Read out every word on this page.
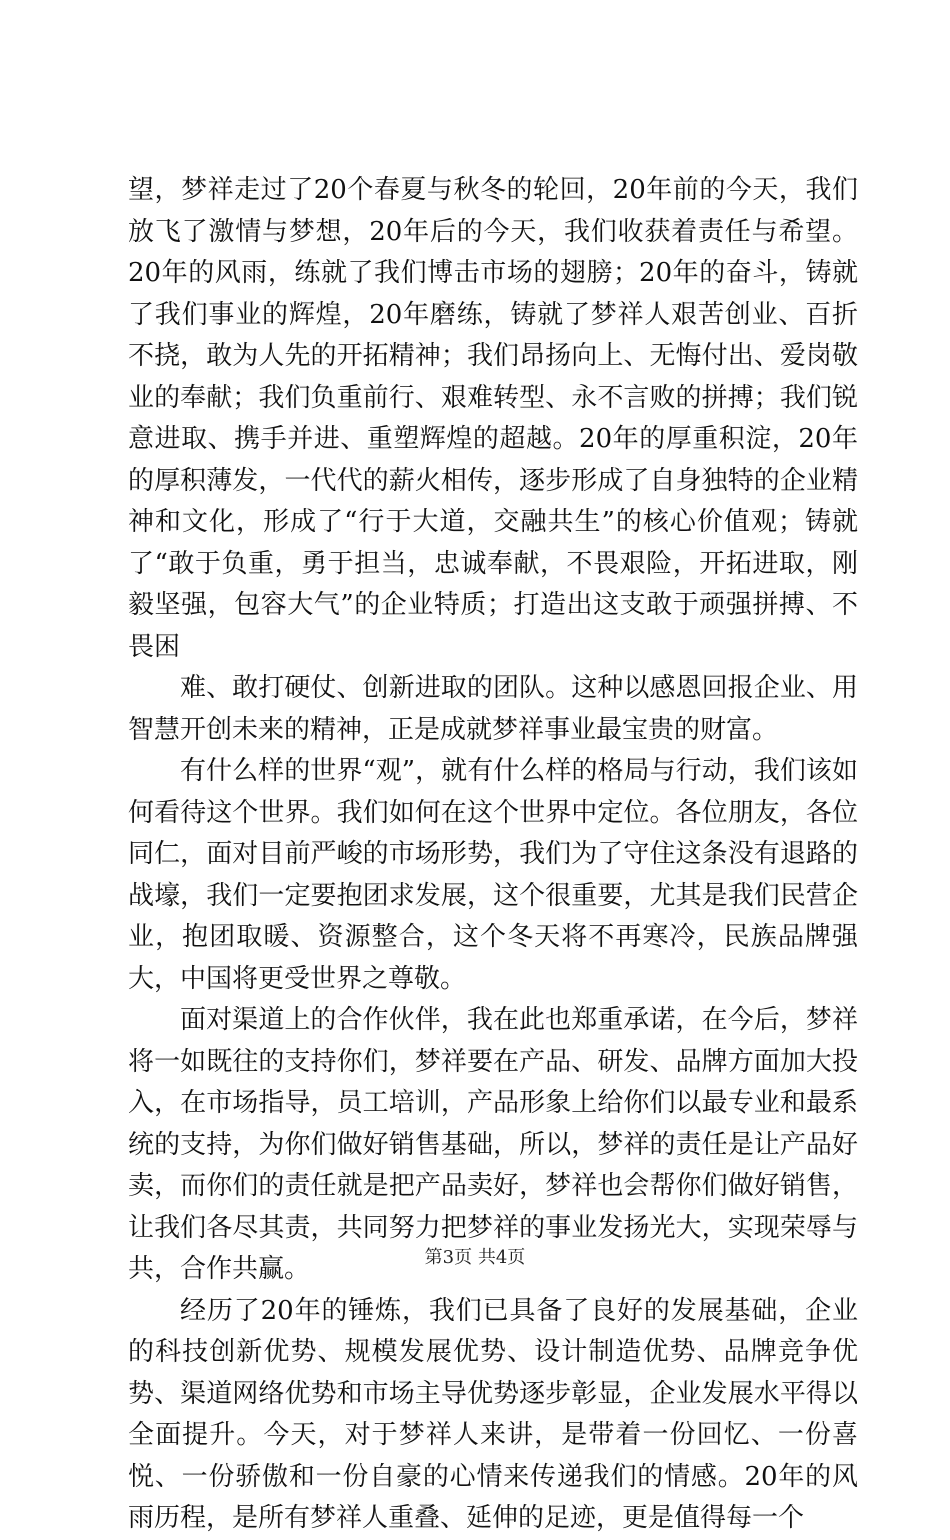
望，梦祥走过了20个春夏与秋冬的轮回，20年前的今天，我们放飞了激情与梦想，20年后的今天，我们收获着责任与希望。20年的风雨，练就了我们博击市场的翅膀；20年的奋斗，铸就了我们事业的辉煌，20年磨练，铸就了梦祥人艰苦创业、百折不挠，敢为人先的开拓精神；我们昂扬向上、无悔付出、爱岗敬业的奉献；我们负重前行、艰难转型、永不言败的拼搏；我们锐意进取、携手并进、重塑辉煌的超越。20年的厚重积淀，20年的厚积薄发，一代代的薪火相传，逐步形成了自身独特的企业精神和文化，形成了“行于大道，交融共生”的核心价值观；铸就了“敢于负重，勇于担当，忠诚奉献，不畏艰险，开拓进取，刚毅坚强，包容大气”的企业特质；打造出这支敢于顽强拼搏、不畏困

难、敢打硬仗、创新进取的团队。这种以感恩回报企业、用智慧开创未来的精神，正是成就梦祥事业最宝贵的财富。

有什么样的世界“观”，就有什么样的格局与行动，我们该如何看待这个世界。我们如何在这个世界中定位。各位朋友，各位同仁，面对目前严峻的市场形势，我们为了守住这条没有退路的战壕，我们一定要抱团求发展，这个很重要，尤其是我们民营企业，抱团取暖、资源整合，这个冬天将不再寒冷，民族品牌强大，中国将更受世界之尊敬。

面对渠道上的合作伙伴，我在此也郑重承诺，在今后，梦祥将一如既往的支持你们，梦祥要在产品、研发、品牌方面加大投入，在市场指导，员工培训，产品形象上给你们以最专业和最系统的支持，为你们做好销售基础，所以，梦祥的责任是让产品好卖，而你们的责任就是把产品卖好，梦祥也会帮你们做好销售，让我们各尽其责，共同努力把梦祥的事业发扬光大，实现荣辱与共，合作共赢。

经历了20年的锤炼，我们已具备了良好的发展基础，企业的科技创新优势、规模发展优势、设计制造优势、品牌竞争优势、渠道网络优势和市场主导优势逐步彰显，企业发展水平得以全面提升。今天，对于梦祥人来讲，是带着一份回忆、一份喜悦、一份骄傲和一份自豪的心情来传递我们的情感。20年的风雨历程，是所有梦祥人重叠、延伸的足迹，更是值得每一个

第3页 共4页
